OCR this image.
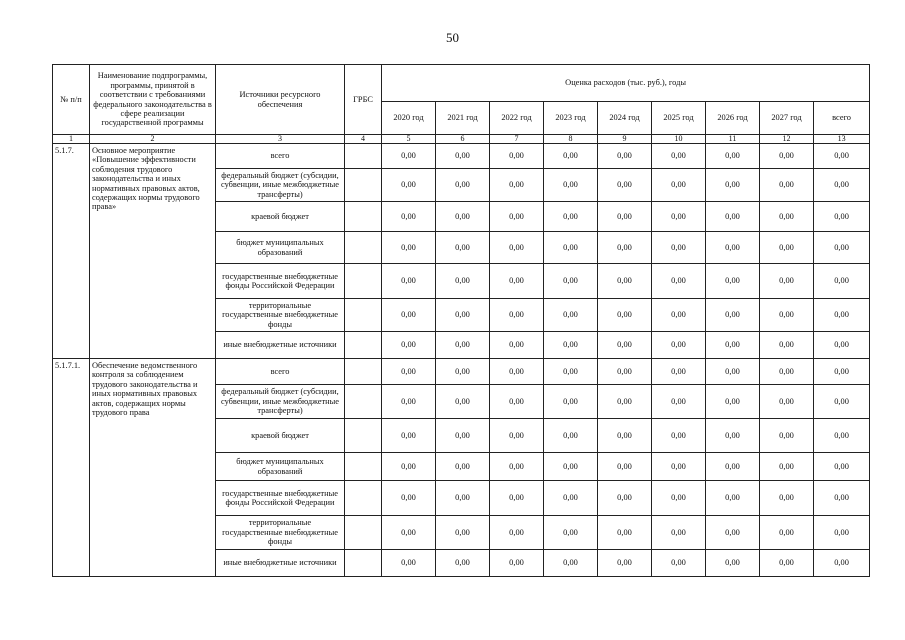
50
№ п/п	Наименование подпрограммы, программы, принятой в соответствии с требованиями федерального законодательства в сфере реализации государственной программы	Источники ресурсного обеспечения	ГРБС	Оценка расходов (тыс. руб.), годы								
				2020 год	2021 год	2022 год	2023 год	2024 год	2025 год	2026 год	2027 год	всего
1	2	3	4	5	6	7	8	9	10	11	12	13
5.1.7.	Основное мероприятие «Повышение эффективности соблюдения трудового законодательства и иных нормативных правовых актов, содержащих нормы трудового права»	всего		0,00	0,00	0,00	0,00	0,00	0,00	0,00	0,00	0,00
		федеральный бюджет (субсидии, субвенции, иные межбюджетные трансферты)		0,00	0,00	0,00	0,00	0,00	0,00	0,00	0,00	0,00
		краевой бюджет		0,00	0,00	0,00	0,00	0,00	0,00	0,00	0,00	0,00
		бюджет муниципальных образований		0,00	0,00	0,00	0,00	0,00	0,00	0,00	0,00	0,00
		государственные внебюджетные фонды Российской Федерации		0,00	0,00	0,00	0,00	0,00	0,00	0,00	0,00	0,00
		территориальные государственные внебюджетные фонды		0,00	0,00	0,00	0,00	0,00	0,00	0,00	0,00	0,00
		иные внебюджетные источники		0,00	0,00	0,00	0,00	0,00	0,00	0,00	0,00	0,00
5.1.7.1.	Обеспечение ведомственного контроля за соблюдением трудового законодательства и иных нормативных правовых актов, содержащих нормы трудового права	всего		0,00	0,00	0,00	0,00	0,00	0,00	0,00	0,00	0,00
		федеральный бюджет (субсидии, субвенции, иные межбюджетные трансферты)		0,00	0,00	0,00	0,00	0,00	0,00	0,00	0,00	0,00
		краевой бюджет		0,00	0,00	0,00	0,00	0,00	0,00	0,00	0,00	0,00
		бюджет муниципальных образований		0,00	0,00	0,00	0,00	0,00	0,00	0,00	0,00	0,00
		государственные внебюджетные фонды Российской Федерации		0,00	0,00	0,00	0,00	0,00	0,00	0,00	0,00	0,00
		территориальные государственные внебюджетные фонды		0,00	0,00	0,00	0,00	0,00	0,00	0,00	0,00	0,00
		иные внебюджетные источники		0,00	0,00	0,00	0,00	0,00	0,00	0,00	0,00	0,00
